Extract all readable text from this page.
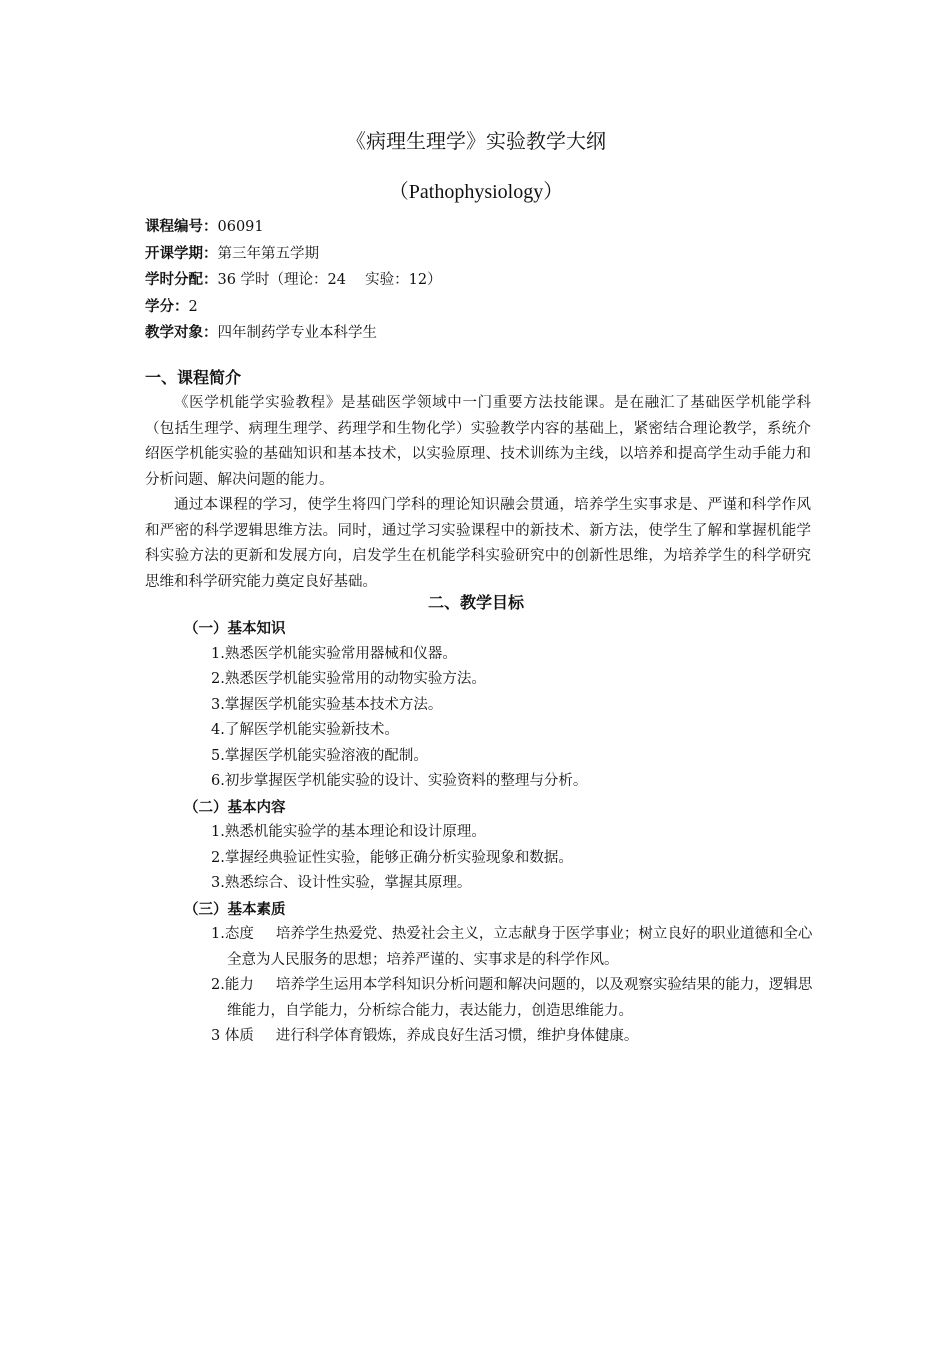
《病理生理学》实验教学大纲
（Pathophysiology）
课程编号：06091
开课学期：第三年第五学期
学时分配：36 学时（理论：24　 实验：12）
学分：2
教学对象：四年制药学专业本科学生
一、课程简介

《医学机能学实验教程》是基础医学领域中一门重要方法技能课。是在融汇了基础医学机能学科（包括生理学、病理生理学、药理学和生物化学）实验教学内容的基础上，紧密结合理论教学，系统介绍医学机能实验的基础知识和基本技术，以实验原理、技术训练为主线，以培养和提高学生动手能力和分析问题、解决问题的能力。

通过本课程的学习，使学生将四门学科的理论知识融会贯通，培养学生实事求是、严谨和科学作风和严密的科学逻辑思维方法。同时，通过学习实验课程中的新技术、新方法，使学生了解和掌握机能学科实验方法的更新和发展方向，启发学生在机能学科实验研究中的创新性思维，为培养学生的科学研究思维和科学研究能力奠定良好基础。

二、教学目标
（一）基本知识
1.熟悉医学机能实验常用器械和仪器。
2.熟悉医学机能实验常用的动物实验方法。
3.掌握医学机能实验基本技术方法。
4.了解医学机能实验新技术。
5.掌握医学机能实验溶液的配制。
6.初步掌握医学机能实验的设计、实验资料的整理与分析。
（二）基本内容
1.熟悉机能实验学的基本理论和设计原理。
2.掌握经典验证性实验，能够正确分析实验现象和数据。
3.熟悉综合、设计性实验，掌握其原理。
（三）基本素质
1.态度 培养学生热爱党、热爱社会主义，立志献身于医学事业；树立良好的职业道德和全心全意为人民服务的思想；培养严谨的、实事求是的科学作风。
2.能力 培养学生运用本学科知识分析问题和解决问题的，以及观察实验结果的能力，逻辑思维能力，自学能力，分析综合能力，表达能力，创造思维能力。
3 体质 进行科学体育锻炼，养成良好生活习惯，维护身体健康。
